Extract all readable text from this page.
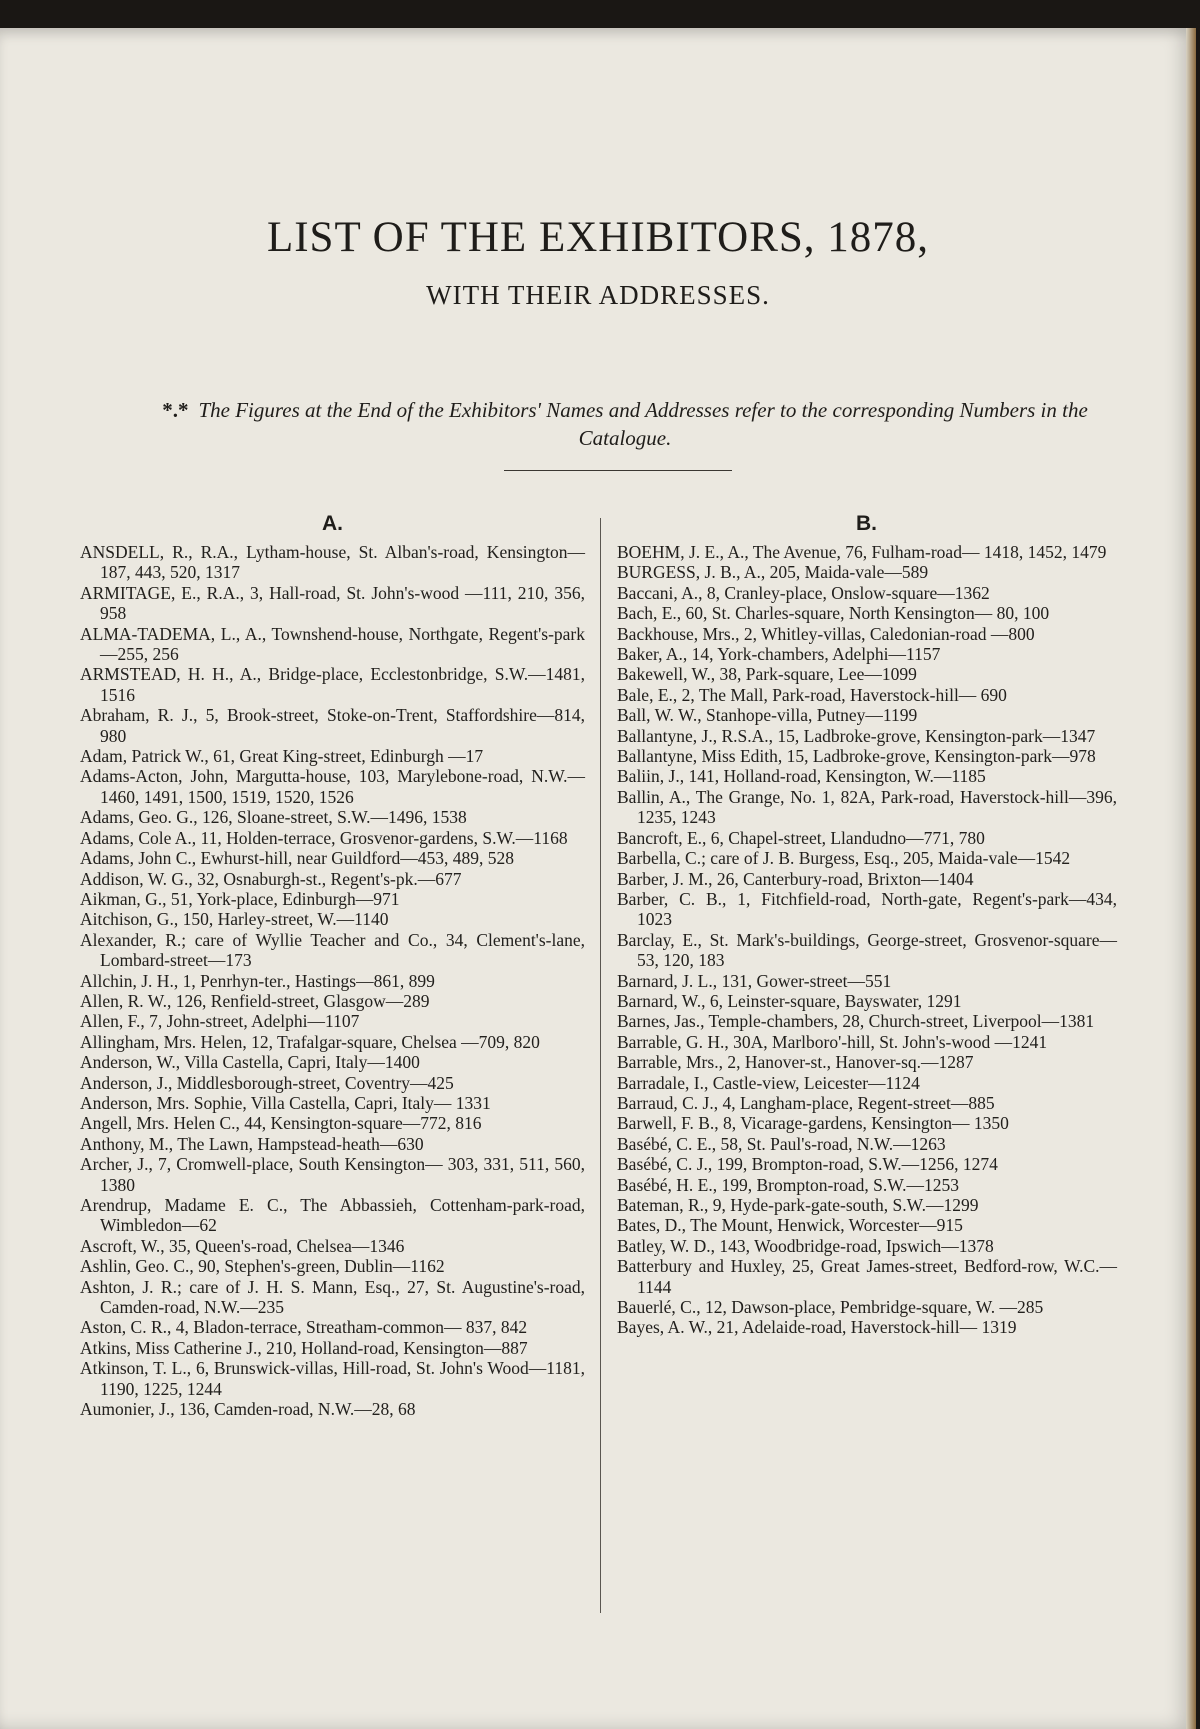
LIST OF THE EXHIBITORS, 1878,
WITH THEIR ADDRESSES.
*.* The Figures at the End of the Exhibitors' Names and Addresses refer to the corresponding Numbers in the Catalogue.
A.	B.

ANSDELL, R., R.A., Lytham-house, St. Alban's-road, Kensington—187, 443, 520, 1317

ARMITAGE, E., R.A., 3, Hall-road, St. John's-wood —111, 210, 356, 958

ALMA-TADEMA, L., A., Townshend-house, Northgate, Regent's-park—255, 256

ARMSTEAD, H. H., A., Bridge-place, Ecclestonbridge, S.W.—1481, 1516

Abraham, R. J., 5, Brook-street, Stoke-on-Trent, Staffordshire—814, 980

Adam, Patrick W., 61, Great King-street, Edinburgh —17

Adams-Acton, John, Margutta-house, 103, Marylebone-road, N.W.—1460, 1491, 1500, 1519, 1520, 1526

Adams, Geo. G., 126, Sloane-street, S.W.—1496, 1538

Adams, Cole A., 11, Holden-terrace, Grosvenor-gardens, S.W.—1168

Adams, John C., Ewhurst-hill, near Guildford—453, 489, 528

Addison, W. G., 32, Osnaburgh-st., Regent's-pk.—677

Aikman, G., 51, York-place, Edinburgh—971

Aitchison, G., 150, Harley-street, W.—1140

Alexander, R.; care of Wyllie Teacher and Co., 34, Clement's-lane, Lombard-street—173

Allchin, J. H., 1, Penrhyn-ter., Hastings—861, 899

Allen, R. W., 126, Renfield-street, Glasgow—289

Allen, F., 7, John-street, Adelphi—1107

Allingham, Mrs. Helen, 12, Trafalgar-square, Chelsea —709, 820

Anderson, W., Villa Castella, Capri, Italy—1400

Anderson, J., Middlesborough-street, Coventry—425

Anderson, Mrs. Sophie, Villa Castella, Capri, Italy— 1331

Angell, Mrs. Helen C., 44, Kensington-square—772, 816

Anthony, M., The Lawn, Hampstead-heath—630

Archer, J., 7, Cromwell-place, South Kensington— 303, 331, 511, 560, 1380

Arendrup, Madame E. C., The Abbassieh, Cottenham-park-road, Wimbledon—62

Ascroft, W., 35, Queen's-road, Chelsea—1346

Ashlin, Geo. C., 90, Stephen's-green, Dublin—1162

Ashton, J. R.; care of J. H. S. Mann, Esq., 27, St. Augustine's-road, Camden-road, N.W.—235

Aston, C. R., 4, Bladon-terrace, Streatham-common— 837, 842

Atkins, Miss Catherine J., 210, Holland-road, Kensington—887

Atkinson, T. L., 6, Brunswick-villas, Hill-road, St. John's Wood—1181, 1190, 1225, 1244

Aumonier, J., 136, Camden-road, N.W.—28, 68

BOEHM, J. E., A., The Avenue, 76, Fulham-road— 1418, 1452, 1479

BURGESS, J. B., A., 205, Maida-vale—589

Baccani, A., 8, Cranley-place, Onslow-square—1362

Bach, E., 60, St. Charles-square, North Kensington— 80, 100

Backhouse, Mrs., 2, Whitley-villas, Caledonian-road —800

Baker, A., 14, York-chambers, Adelphi—1157

Bakewell, W., 38, Park-square, Lee—1099

Bale, E., 2, The Mall, Park-road, Haverstock-hill— 690

Ball, W. W., Stanhope-villa, Putney—1199

Ballantyne, J., R.S.A., 15, Ladbroke-grove, Kensington-park—1347

Ballantyne, Miss Edith, 15, Ladbroke-grove, Kensington-park—978

Baliin, J., 141, Holland-road, Kensington, W.—1185

Ballin, A., The Grange, No. 1, 82A, Park-road, Haverstock-hill—396, 1235, 1243

Bancroft, E., 6, Chapel-street, Llandudno—771, 780

Barbella, C.; care of J. B. Burgess, Esq., 205, Maida-vale—1542

Barber, J. M., 26, Canterbury-road, Brixton—1404

Barber, C. B., 1, Fitchfield-road, North-gate, Regent's-park—434, 1023

Barclay, E., St. Mark's-buildings, George-street, Grosvenor-square—53, 120, 183

Barnard, J. L., 131, Gower-street—551

Barnard, W., 6, Leinster-square, Bayswater, 1291

Barnes, Jas., Temple-chambers, 28, Church-street, Liverpool—1381

Barrable, G. H., 30A, Marlboro'-hill, St. John's-wood —1241

Barrable, Mrs., 2, Hanover-st., Hanover-sq.—1287

Barradale, I., Castle-view, Leicester—1124

Barraud, C. J., 4, Langham-place, Regent-street—885

Barwell, F. B., 8, Vicarage-gardens, Kensington— 1350

Basébé, C. E., 58, St. Paul's-road, N.W.—1263

Basébé, C. J., 199, Brompton-road, S.W.—1256, 1274

Basébé, H. E., 199, Brompton-road, S.W.—1253

Bateman, R., 9, Hyde-park-gate-south, S.W.—1299

Bates, D., The Mount, Henwick, Worcester—915

Batley, W. D., 143, Woodbridge-road, Ipswich—1378

Batterbury and Huxley, 25, Great James-street, Bedford-row, W.C.—1144

Bauerlé, C., 12, Dawson-place, Pembridge-square, W. —285

Bayes, A. W., 21, Adelaide-road, Haverstock-hill— 1319
